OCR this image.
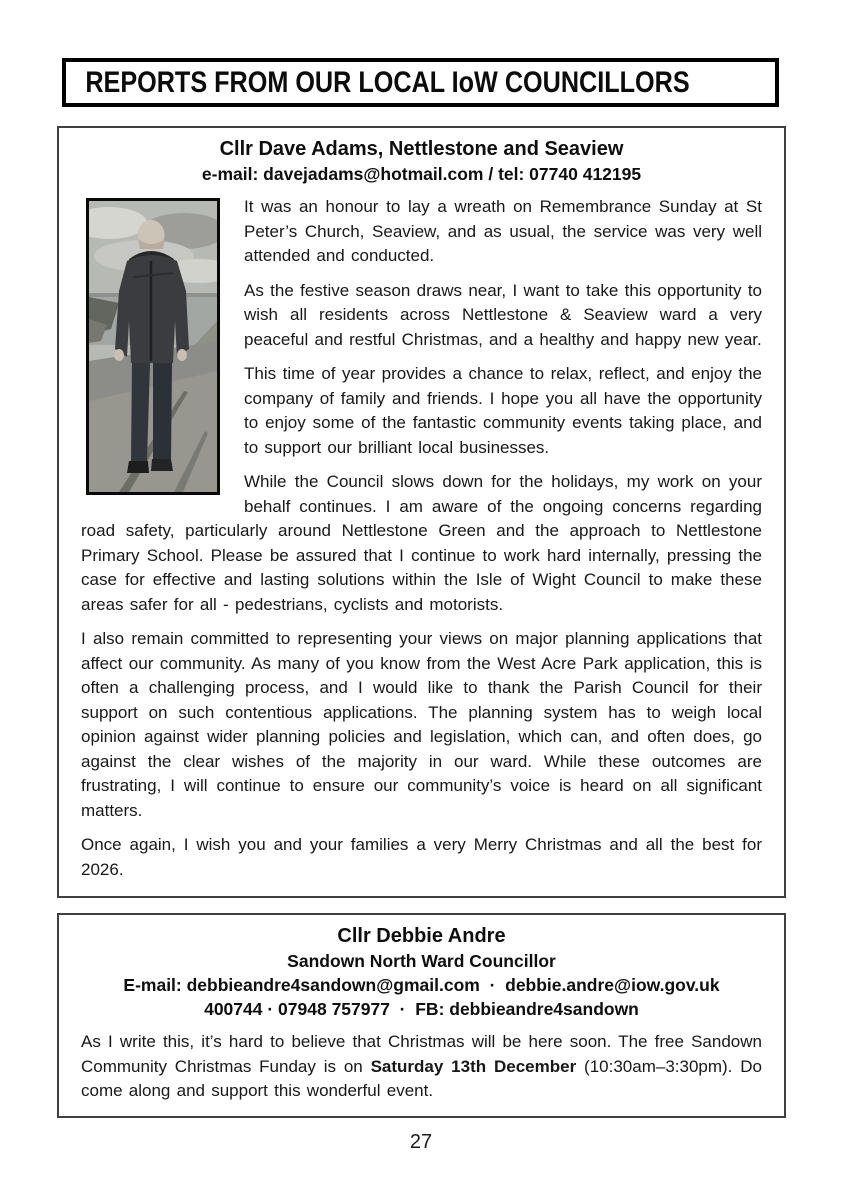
REPORTS FROM OUR LOCAL IoW COUNCILLORS
Cllr Dave Adams, Nettlestone and Seaview
e-mail: davejadams@hotmail.com / tel: 07740 412195

It was an honour to lay a wreath on Remembrance Sunday at St Peter’s Church, Seaview, and as usual, the service was very well attended and conducted.

As the festive season draws near, I want to take this opportunity to wish all residents across Nettlestone & Seaview ward a very peaceful and restful Christmas, and a healthy and happy new year.

This time of year provides a chance to relax, reflect, and enjoy the company of family and friends. I hope you all have the opportunity to enjoy some of the fantastic community events taking place, and to support our brilliant local businesses.

While the Council slows down for the holidays, my work on your behalf continues. I am aware of the ongoing concerns regarding road safety, particularly around Nettlestone Green and the approach to Nettlestone Primary School. Please be assured that I continue to work hard internally, pressing the case for effective and lasting solutions within the Isle of Wight Council to make these areas safer for all - pedestrians, cyclists and motorists.

I also remain committed to representing your views on major planning applications that affect our community. As many of you know from the West Acre Park application, this is often a challenging process, and I would like to thank the Parish Council for their support on such contentious applications. The planning system has to weigh local opinion against wider planning policies and legislation, which can, and often does, go against the clear wishes of the majority in our ward. While these outcomes are frustrating, I will continue to ensure our community’s voice is heard on all significant matters.

Once again, I wish you and your families a very Merry Christmas and all the best for 2026.

Cllr Debbie Andre
Sandown North Ward Councillor
E-mail: debbieandre4sandown@gmail.com  ·  debbie.andre@iow.gov.uk
400744 · 07948 757977  ·  FB: debbieandre4sandown

As I write this, it’s hard to believe that Christmas will be here soon. The free Sandown Community Christmas Funday is on Saturday 13th December (10:30am–3:30pm). Do come along and support this wonderful event.

27
